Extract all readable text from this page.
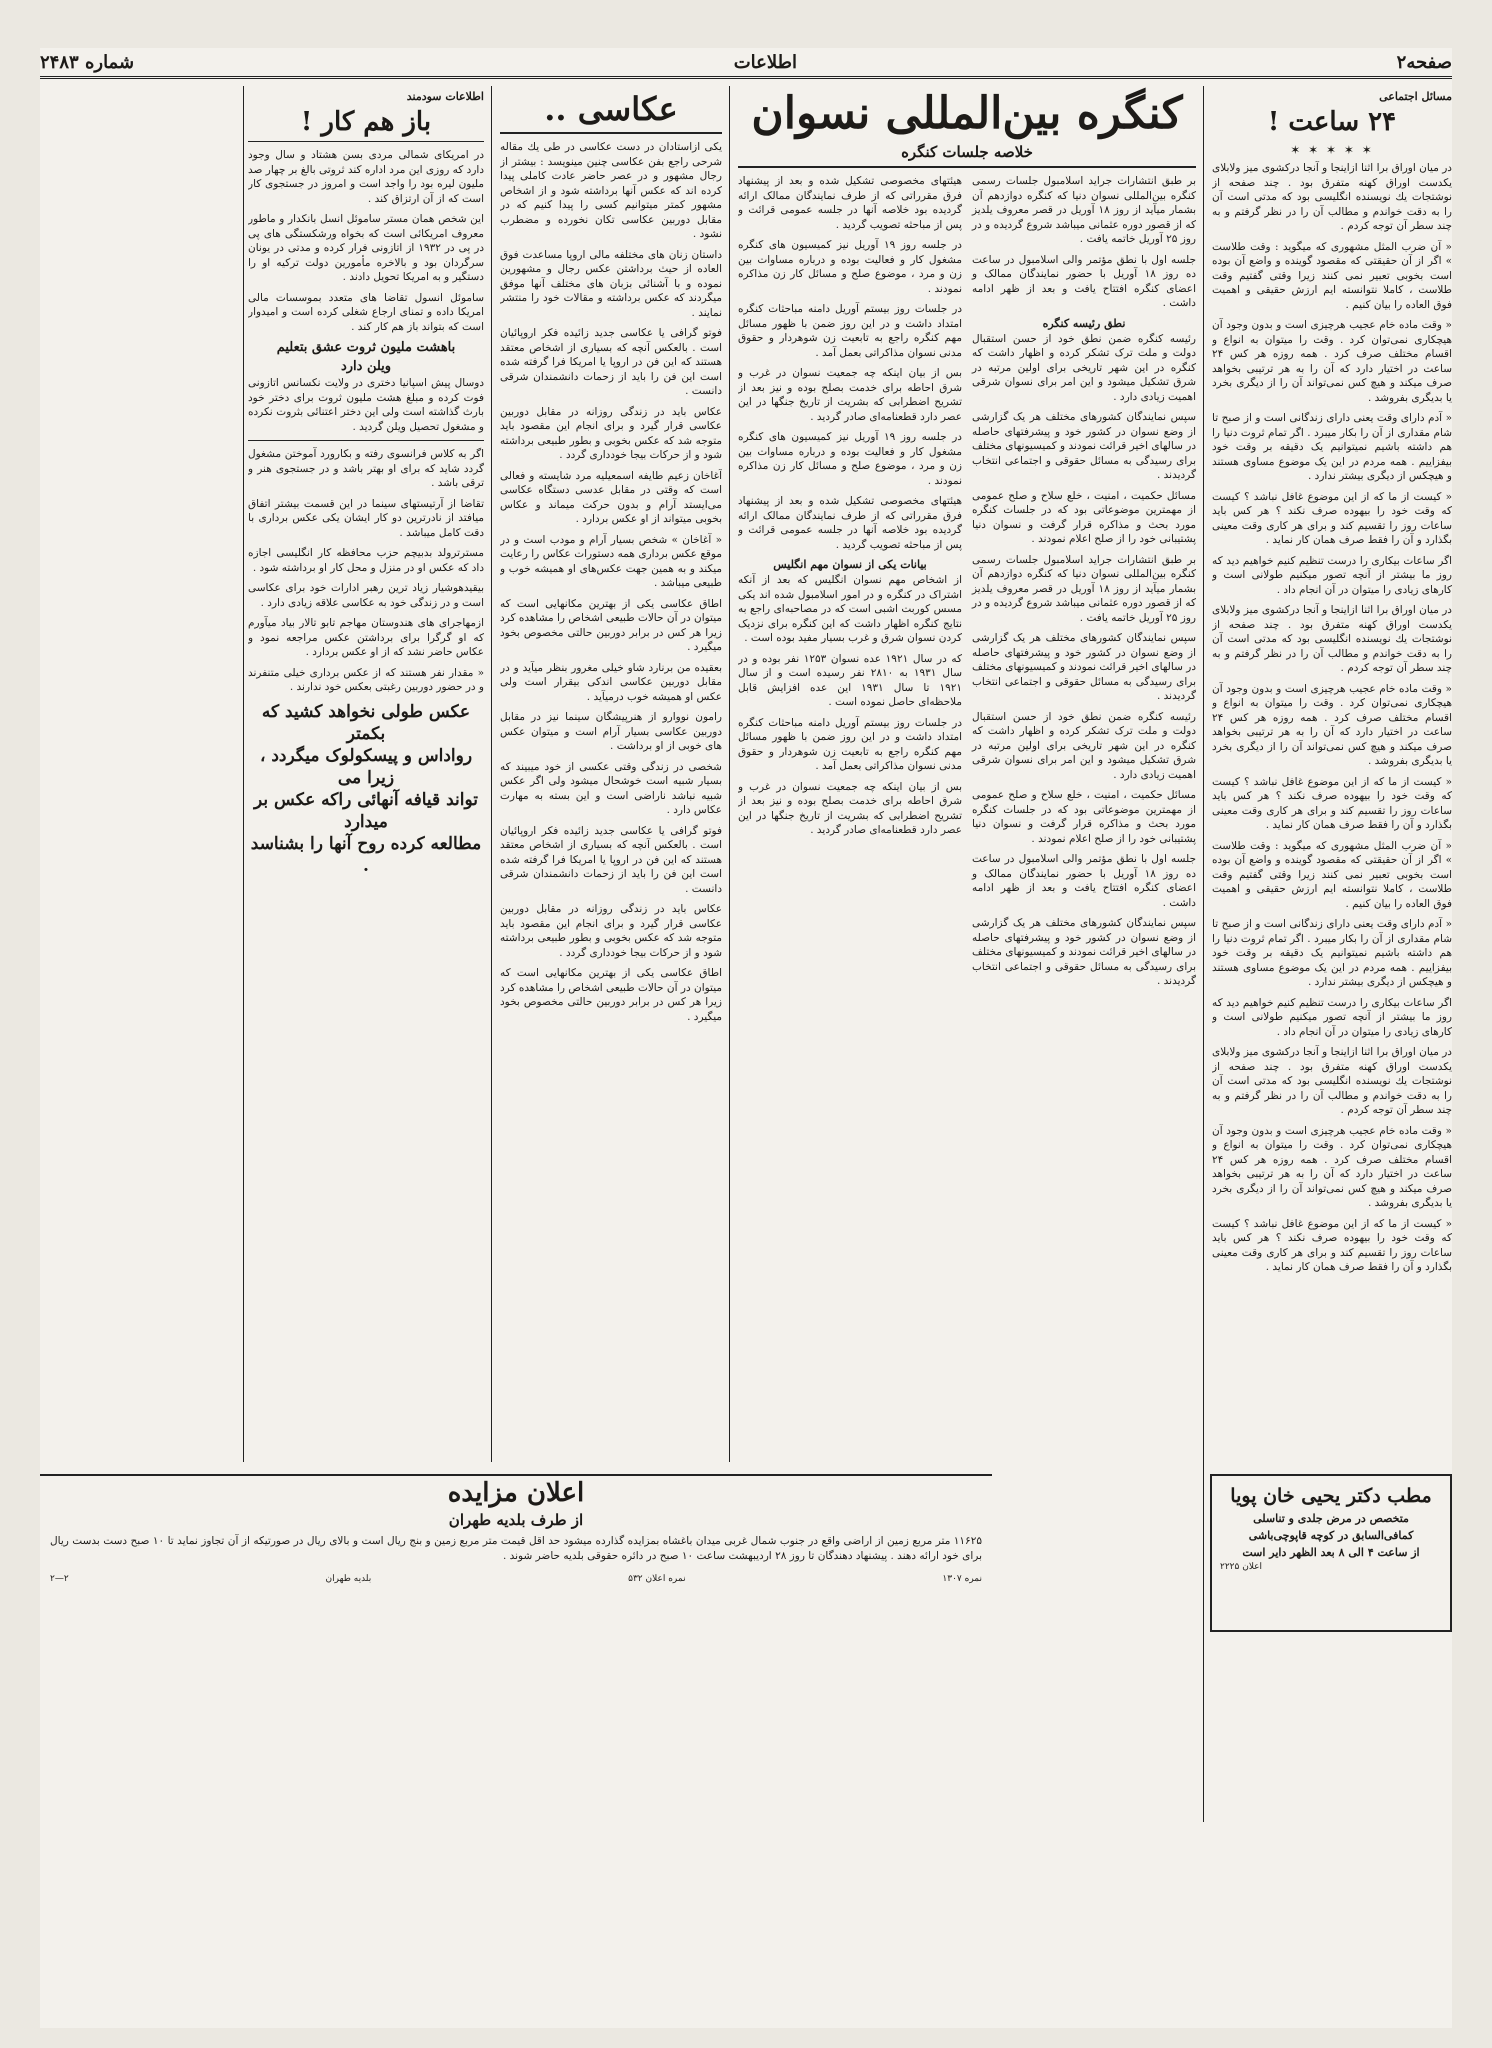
صفحه۲
اطلاعات
شماره ۲۴۸۳
مسائل اجتماعی
۲۴ ساعت !
✶ ✶ ✶ ✶ ✶

در میان اوراق برا اثنا ازاینجا و آنجا درکشوی میز ولابلای یکدست اوراق کهنه متفرق بود . چند صفحه از نوشتجات یك نویسنده انگلیسی بود که مدتی است آن را به دقت خواندم و مطالب آن را در نظر گرفتم و به چند سطر آن توجه کردم .

« آن ضرب المثل مشهوری که میگوید : وقت طلاست » اگر از آن حقیقتی که مقصود گوینده و واضع آن بوده است بخوبی تعبیر نمی کنند زیرا وقتی گفتیم وقت طلاست ، کاملا نتوانسته ایم ارزش حقیقی و اهمیت فوق العاده را بیان کنیم .

« وقت ماده خام عجیب هرچیزی است و بدون وجود آن هیچکاری نمی‌توان کرد . وقت را میتوان به انواع و اقسام مختلف صرف کرد . همه روزه هر کس ۲۴ ساعت در اختیار دارد که آن را به هر ترتیبی بخواهد صرف میکند و هیچ کس نمی‌تواند آن را از دیگری بخرد یا بدیگری بفروشد .

« آدم دارای وقت یعنی دارای زندگانی است و از صبح تا شام مقداری از آن را بکار میبرد . اگر تمام ثروت دنیا را هم داشته باشیم نمیتوانیم یک دقیقه بر وقت خود بیفزاییم . همه مردم در این یک موضوع مساوی هستند و هیچکس از دیگری بیشتر ندارد .

« کیست از ما که از این موضوع غافل نباشد ؟ کیست که وقت خود را بیهوده صرف نکند ؟ هر کس باید ساعات روز را تقسیم کند و برای هر کاری وقت معینی بگذارد و آن را فقط صرف همان کار نماید .

اگر ساعات بیکاری را درست تنظیم کنیم خواهیم دید که روز ما بیشتر از آنچه تصور میکنیم طولانی است و کارهای زیادی را میتوان در آن انجام داد .

در میان اوراق برا اثنا ازاینجا و آنجا درکشوی میز ولابلای یکدست اوراق کهنه متفرق بود . چند صفحه از نوشتجات یك نویسنده انگلیسی بود که مدتی است آن را به دقت خواندم و مطالب آن را در نظر گرفتم و به چند سطر آن توجه کردم .

« وقت ماده خام عجیب هرچیزی است و بدون وجود آن هیچکاری نمی‌توان کرد . وقت را میتوان به انواع و اقسام مختلف صرف کرد . همه روزه هر کس ۲۴ ساعت در اختیار دارد که آن را به هر ترتیبی بخواهد صرف میکند و هیچ کس نمی‌تواند آن را از دیگری بخرد یا بدیگری بفروشد .

« کیست از ما که از این موضوع غافل نباشد ؟ کیست که وقت خود را بیهوده صرف نکند ؟ هر کس باید ساعات روز را تقسیم کند و برای هر کاری وقت معینی بگذارد و آن را فقط صرف همان کار نماید .

« آن ضرب المثل مشهوری که میگوید : وقت طلاست » اگر از آن حقیقتی که مقصود گوینده و واضع آن بوده است بخوبی تعبیر نمی کنند زیرا وقتی گفتیم وقت طلاست ، کاملا نتوانسته ایم ارزش حقیقی و اهمیت فوق العاده را بیان کنیم .

« آدم دارای وقت یعنی دارای زندگانی است و از صبح تا شام مقداری از آن را بکار میبرد . اگر تمام ثروت دنیا را هم داشته باشیم نمیتوانیم یک دقیقه بر وقت خود بیفزاییم . همه مردم در این یک موضوع مساوی هستند و هیچکس از دیگری بیشتر ندارد .

اگر ساعات بیکاری را درست تنظیم کنیم خواهیم دید که روز ما بیشتر از آنچه تصور میکنیم طولانی است و کارهای زیادی را میتوان در آن انجام داد .

در میان اوراق برا اثنا ازاینجا و آنجا درکشوی میز ولابلای یکدست اوراق کهنه متفرق بود . چند صفحه از نوشتجات یك نویسنده انگلیسی بود که مدتی است آن را به دقت خواندم و مطالب آن را در نظر گرفتم و به چند سطر آن توجه کردم .

« وقت ماده خام عجیب هرچیزی است و بدون وجود آن هیچکاری نمی‌توان کرد . وقت را میتوان به انواع و اقسام مختلف صرف کرد . همه روزه هر کس ۲۴ ساعت در اختیار دارد که آن را به هر ترتیبی بخواهد صرف میکند و هیچ کس نمی‌تواند آن را از دیگری بخرد یا بدیگری بفروشد .

« کیست از ما که از این موضوع غافل نباشد ؟ کیست که وقت خود را بیهوده صرف نکند ؟ هر کس باید ساعات روز را تقسیم کند و برای هر کاری وقت معینی بگذارد و آن را فقط صرف همان کار نماید .

کنگره بین‌المللی نسوان
خلاصه جلسات کنگره

بر طبق انتشارات جراید اسلامبول جلسات رسمی کنگره بین‌المللی نسوان دنیا که کنگره دوازدهم آن بشمار میآید از روز ۱۸ آوریل در قصر معروف یلدیز که از قصور دوره عثمانی میباشد شروع گردیده و در روز ۲۵ آوریل خاتمه یافت .

جلسه اول با نطق مؤتمر والی اسلامبول در ساعت ده روز ۱۸ آوریل با حضور نمایندگان ممالک و اعضای کنگره افتتاح یافت و بعد از ظهر ادامه داشت .

نطق رئیسه کنگره

رئیسه کنگره ضمن نطق خود از حسن استقبال دولت و ملت ترک تشکر کرده و اظهار داشت که کنگره در این شهر تاریخی برای اولین مرتبه در شرق تشکیل میشود و این امر برای نسوان شرقی اهمیت زیادی دارد .

سپس نمایندگان کشورهای مختلف هر یک گزارشی از وضع نسوان در کشور خود و پیشرفتهای حاصله در سالهای اخیر قرائت نمودند و کمیسیونهای مختلف برای رسیدگی به مسائل حقوقی و اجتماعی انتخاب گردیدند .

مسائل حکمیت ، امنیت ، خلع سلاح و صلح عمومی از مهمترین موضوعاتی بود که در جلسات کنگره مورد بحث و مذاکره قرار گرفت و نسوان دنیا پشتیبانی خود را از صلح اعلام نمودند .

بر طبق انتشارات جراید اسلامبول جلسات رسمی کنگره بین‌المللی نسوان دنیا که کنگره دوازدهم آن بشمار میآید از روز ۱۸ آوریل در قصر معروف یلدیز که از قصور دوره عثمانی میباشد شروع گردیده و در روز ۲۵ آوریل خاتمه یافت .

سپس نمایندگان کشورهای مختلف هر یک گزارشی از وضع نسوان در کشور خود و پیشرفتهای حاصله در سالهای اخیر قرائت نمودند و کمیسیونهای مختلف برای رسیدگی به مسائل حقوقی و اجتماعی انتخاب گردیدند .

رئیسه کنگره ضمن نطق خود از حسن استقبال دولت و ملت ترک تشکر کرده و اظهار داشت که کنگره در این شهر تاریخی برای اولین مرتبه در شرق تشکیل میشود و این امر برای نسوان شرقی اهمیت زیادی دارد .

مسائل حکمیت ، امنیت ، خلع سلاح و صلح عمومی از مهمترین موضوعاتی بود که در جلسات کنگره مورد بحث و مذاکره قرار گرفت و نسوان دنیا پشتیبانی خود را از صلح اعلام نمودند .

جلسه اول با نطق مؤتمر والی اسلامبول در ساعت ده روز ۱۸ آوریل با حضور نمایندگان ممالک و اعضای کنگره افتتاح یافت و بعد از ظهر ادامه داشت .

سپس نمایندگان کشورهای مختلف هر یک گزارشی از وضع نسوان در کشور خود و پیشرفتهای حاصله در سالهای اخیر قرائت نمودند و کمیسیونهای مختلف برای رسیدگی به مسائل حقوقی و اجتماعی انتخاب گردیدند .

هیئتهای مخصوصی تشکیل شده و بعد از پیشنهاد فرق مقرراتی که از طرف نمایندگان ممالک ارائه گردیده بود خلاصه آنها در جلسه عمومی قرائت و پس از مباحثه تصویب گردید .

در جلسه روز ۱۹ آوریل نیز کمیسیون های کنگره مشغول کار و فعالیت بوده و درباره مساوات بین زن و مرد ، موضوع صلح و مسائل کار زن مذاکره نمودند .

در جلسات روز بیستم آوریل دامنه مباحثات کنگره امتداد داشت و در این روز ضمن با ظهور مسائل مهم کنگره راجع به تابعیت زن شوهردار و حقوق مدنی نسوان مذاکراتی بعمل آمد .

بس از بیان اینکه چه جمعیت نسوان در غرب و شرق احاطه برای خدمت بصلح بوده و نیز بعد از تشریح اضطرابی که بشریت از تاریخ جنگها در این عصر دارد قطعنامه‌ای صادر گردید .

در جلسه روز ۱۹ آوریل نیز کمیسیون های کنگره مشغول کار و فعالیت بوده و درباره مساوات بین زن و مرد ، موضوع صلح و مسائل کار زن مذاکره نمودند .

هیئتهای مخصوصی تشکیل شده و بعد از پیشنهاد فرق مقرراتی که از طرف نمایندگان ممالک ارائه گردیده بود خلاصه آنها در جلسه عمومی قرائت و پس از مباحثه تصویب گردید .

بیانات یکی از نسوان مهم انگلیس

از اشخاص مهم نسوان انگلیس که بعد از آنکه اشتراک در کنگره و در امور اسلامبول شده اند یکی مسس کوربت اشبی است که در مصاحبه‌ای راجع به نتایج کنگره اظهار داشت که این کنگره برای نزدیک کردن نسوان شرق و غرب بسیار مفید بوده است .

که در سال ۱۹۲۱ عده نسوان ۱۲۵۳ نفر بوده و در سال ۱۹۳۱ به ۲۸۱۰ نفر رسیده است و از سال ۱۹۲۱ تا سال ۱۹۳۱ این عده افزایش قابل ملاحظه‌ای حاصل نموده است .

در جلسات روز بیستم آوریل دامنه مباحثات کنگره امتداد داشت و در این روز ضمن با ظهور مسائل مهم کنگره راجع به تابعیت زن شوهردار و حقوق مدنی نسوان مذاکراتی بعمل آمد .

بس از بیان اینکه چه جمعیت نسوان در غرب و شرق احاطه برای خدمت بصلح بوده و نیز بعد از تشریح اضطرابی که بشریت از تاریخ جنگها در این عصر دارد قطعنامه‌ای صادر گردید .

عکاسی ..

یکی ازاستادان در دست عکاسی در طی یك مقاله شرحی راجع بفن عکاسی چنین مینویسد : بیشتر از رجال مشهور و در عصر حاضر عادت کاملی پیدا کرده اند که عکس آنها برداشته شود و از اشخاص مشهور کمتر میتوانیم کسی را پیدا کنیم که در مقابل دوربین عکاسی تکان نخورده و مضطرب نشود .

داستان زنان های مختلفه مالی اروپا مساعدت فوق العاده از حیث برداشتن عکس رجال و مشهورین نموده و با آشنائی بزبان های مختلف آنها موفق میگردند که عکس برداشته و مقالات خود را منتشر نمایند .

فوتو گرافی یا عکاسی جدید زائیده فکر اروپائیان است . بالعکس آنچه که بسیاری از اشخاص معتقد هستند که این فن در اروپا یا امریکا فرا گرفته شده است این فن را باید از زحمات دانشمندان شرقی دانست .

عکاس باید در زندگی روزانه در مقابل دوربین عکاسی قرار گیرد و برای انجام این مقصود باید متوجه شد که عکس بخوبی و بطور طبیعی برداشته شود و از حرکات بیجا خودداری گردد .

آغاخان زعیم طایفه اسمعیلیه مرد شایسته و فعالی است که وقتی در مقابل عدسی دستگاه عکاسی می‌ایستد آرام و بدون حرکت میماند و عکاس بخوبی میتواند از او عکس بردارد .

« آغاخان » شخص بسیار آرام و مودب است و در موقع عکس برداری همه دستورات عکاس را رعایت میکند و به همین جهت عکس‌های او همیشه خوب و طبیعی میباشد .

اطاق عکاسی یکی از بهترین مکانهایی است که میتوان در آن حالات طبیعی اشخاص را مشاهده کرد زیرا هر کس در برابر دوربین حالتی مخصوص بخود میگیرد .

بعقیده من برنارد شاو خیلی مغرور بنظر میآید و در مقابل دوربین عکاسی اندکی بیقرار است ولی عکس او همیشه خوب درمیآید .

رامون نووارو از هنرپیشگان سینما نیز در مقابل دوربین عکاسی بسیار آرام است و میتوان عکس های خوبی از او برداشت .

شخصی در زندگی وقتی عکسی از خود میبیند که بسیار شبیه است خوشحال میشود ولی اگر عکس شبیه نباشد ناراضی است و این بسته به مهارت عکاس دارد .

فوتو گرافی یا عکاسی جدید زائیده فکر اروپائیان است . بالعکس آنچه که بسیاری از اشخاص معتقد هستند که این فن در اروپا یا امریکا فرا گرفته شده است این فن را باید از زحمات دانشمندان شرقی دانست .

عکاس باید در زندگی روزانه در مقابل دوربین عکاسی قرار گیرد و برای انجام این مقصود باید متوجه شد که عکس بخوبی و بطور طبیعی برداشته شود و از حرکات بیجا خودداری گردد .

اطاق عکاسی یکی از بهترین مکانهایی است که میتوان در آن حالات طبیعی اشخاص را مشاهده کرد زیرا هر کس در برابر دوربین حالتی مخصوص بخود میگیرد .

اطلاعات سودمند
باز هم کار !

در امریکای شمالی مردی بسن هشتاد و سال وجود دارد که روزی این مرد اداره کند ثروتی بالغ بر چهار صد ملیون لیره بود را واجد است و امروز در جستجوی کار است که از آن ارتزاق کند .

این شخص همان مستر ساموئل انسل بانکدار و ماطور معروف امریکائی است که بخواه ورشکستگی های پی در پی در ۱۹۳۲ از اتازونی فرار کرده و مدتی در یونان سرگردان بود و بالاخره مأمورین دولت ترکیه او را دستگیر و به امریکا تحویل دادند .

ساموئل انسول تقاضا های متعدد بموسسات مالی امریکا داده و تمنای ارجاع شغلی کرده است و امیدوار است که بتواند باز هم کار کند .

باهشت ملیون ثروت عشق بتعلیم
ویلن دارد

دوسال پیش اسپانیا دختری در ولایت نکسانس اتازونی فوت کرده و مبلغ هشت ملیون ثروت برای دختر خود بارث گذاشته است ولی این دختر اعتنائی بثروت نکرده و مشغول تحصیل ویلن گردید .

اگر به کلاس فرانسوی رفته و بکارورد آموختن مشغول گردد شاید که برای او بهتر باشد و در جستجوی هنر و ترقی باشد .

تقاضا از آرتیستهای سینما در این قسمت بیشتر اتفاق میافتد از نادرترین دو کار ایشان یکی عکس برداری با دقت کامل میباشد .

مسترترولد بدبیچم حزب محافظه کار انگلیسی اجازه داد که عکس او در منزل و محل کار او برداشته شود .

بیقید‌هوشیار زیاد ترین رهبر ادارات خود برای عکاسی است و در زندگی خود به عکاسی علاقه زیادی دارد .

ازمهاجرای های هندوستان مهاجم تابو تالار بیاد میآورم که او گرگرا برای برداشتن عکس مراجعه نمود و عکاس حاضر نشد که از او عکس بردارد .

« مقدار نفر هستند که از عکس برداری خیلی متنفرند و در حضور دوربین رغبتی بعکس خود ندارند .

عکس طولی نخواهد کشید که بکمتر
رواداس و پیسکولوک میگردد ، زیرا می
تواند قیافه آنهائی راکه عکس بر میدارد
مطالعه کرده روح آنها را بشناسد .
اعلان مزایده
از طرف بلدیه طهران

۱۱۶۲۵ متر مربع زمین از اراضی واقع در جنوب شمال غربی میدان باغشاه بمزایده گذارده میشود حد اقل قیمت متر مربع زمین و بنج ریال است و بالای ریال در صورتیکه از آن تجاوز نماید تا ۱۰ صبح دست بدست ریال برای خود ارائه دهند . پیشنهاد دهندگان تا روز ۲۸ اردیبهشت ساعت ۱۰ صبح در دائره حقوقی بلدیه حاضر شوند .

نمره ۱۳۰۷
نمره اعلان ۵۳۲
بلدیه طهران
۲—۲
مطب دکتر یحیی خان پویا
متخصص در مرض جلدی و تناسلی
کمافی‌السابق در کوچه قاپوچی‌باشی
از ساعت ۴ الی ۸ بعد الظهر دایر است
اعلان ۲۲۲۵
